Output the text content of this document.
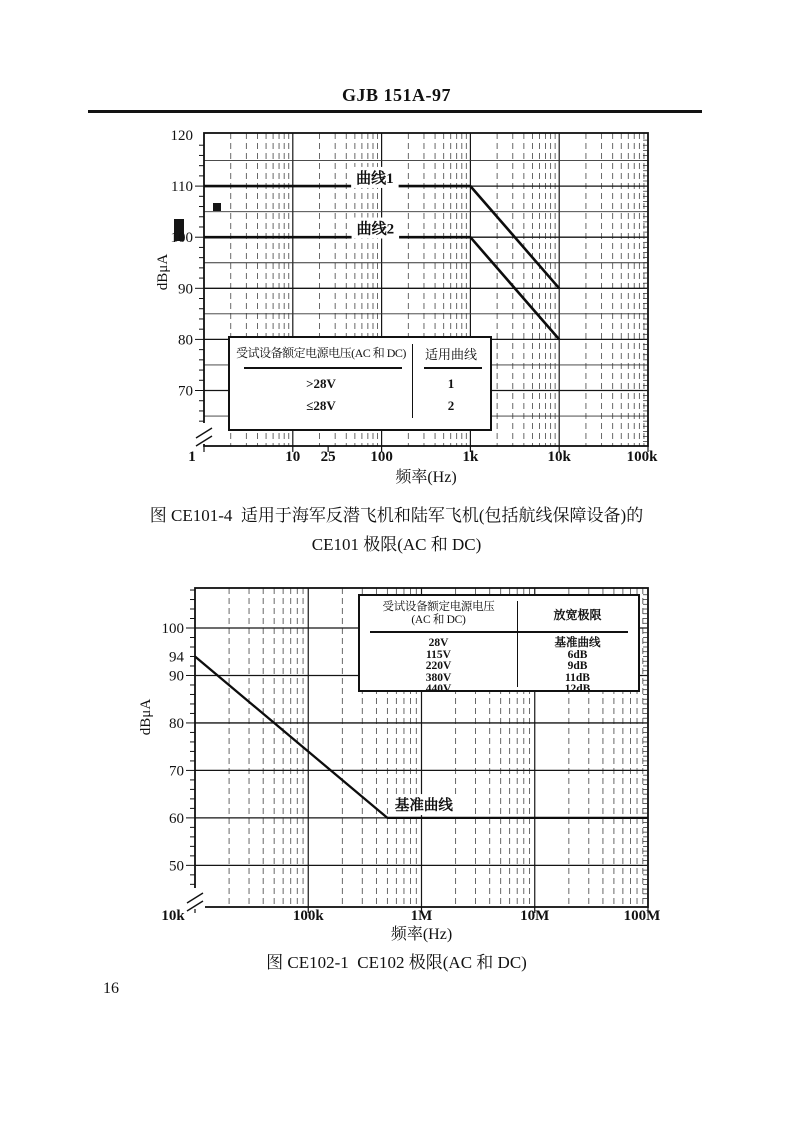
GJB 151A-97
1	10 25 100	1k	10k	100k
120
110
100
90
80
70
曲线1
曲线2
频率(Hz)
dBμA
受试设备额定电源电压(AC 和 DC)	适用曲线
>28V	1
≤28V	2
图 CE101-4  适用于海军反潜飞机和陆军飞机(包括航线保障设备)的
CE101 极限(AC 和 DC)
10k	100k	1M	10M	100M
100
94
90
80
70
60
50
基准曲线
频率(Hz)
dBμA
受试设备额定电源电压
(AC 和 DC)	放宽极限
28V	基准曲线
115V	6dB
220V	9dB
380V	11dB
440V	12dB
图 CE102-1  CE102 极限(AC 和 DC)
16
